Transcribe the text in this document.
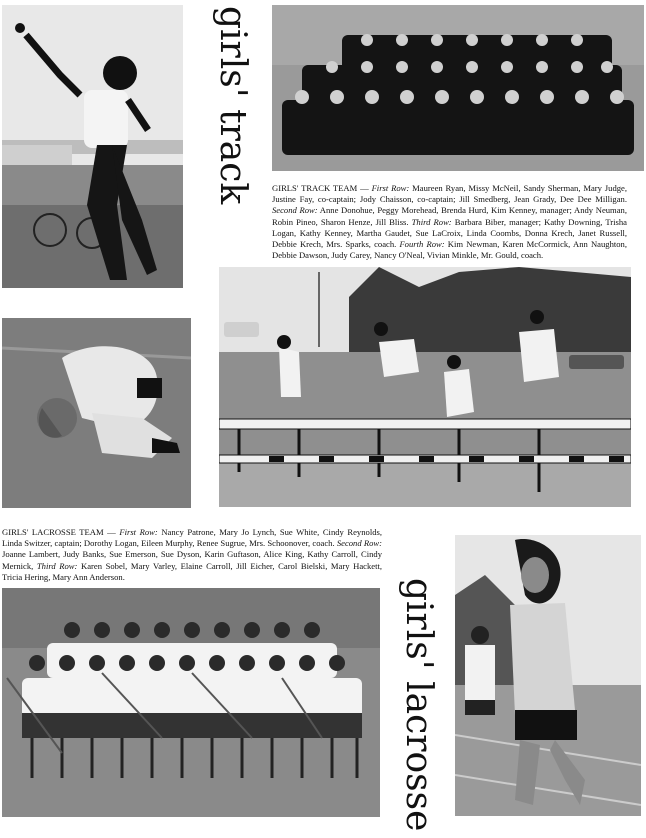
girls' track GIRLS' TRACK TEAM — First Row: Maureen Ryan, Missy McNeil, Sandy Sherman, Mary Judge, Justine Fay, co-captain; Jody Chaisson, co-captain; Jill Smedberg, Jean Grady, Dee Dee Milligan. Second Row: Anne Donohue, Peggy Morehead, Brenda Hurd, Kim Kenney, manager; Andy Neuman, Robin Pineo, Sharon Henze, Jill Bliss. Third Row: Barbara Biber, manager; Kathy Downing, Trisha Logan, Kathy Kenney, Martha Gaudet, Sue LaCroix, Linda Coombs, Donna Krech, Janet Russell, Debbie Krech, Mrs. Sparks, coach. Fourth Row: Kim Newman, Karen McCormick, Ann Naughton, Debbie Dawson, Judy Carey, Nancy O'Neal, Vivian Minkle, Mr. Gould, coach.

GIRLS' LACROSSE TEAM — First Row: Nancy Patrone, Mary Jo Lynch, Sue White, Cindy Reynolds, Linda Switzer, captain; Dorothy Logan, Eileen Murphy, Renee Sugrue, Mrs. Schoonover, coach. Second Row: Joanne Lambert, Judy Banks, Sue Emerson, Sue Dyson, Karin Guftason, Alice King, Kathy Carroll, Cindy Mernick, Third Row: Karen Sobel, Mary Varley, Elaine Carroll, Jill Eicher, Carol Bielski, Mary Hackett, Tricia Hering, Mary Ann Anderson.

girls' lacrosse
